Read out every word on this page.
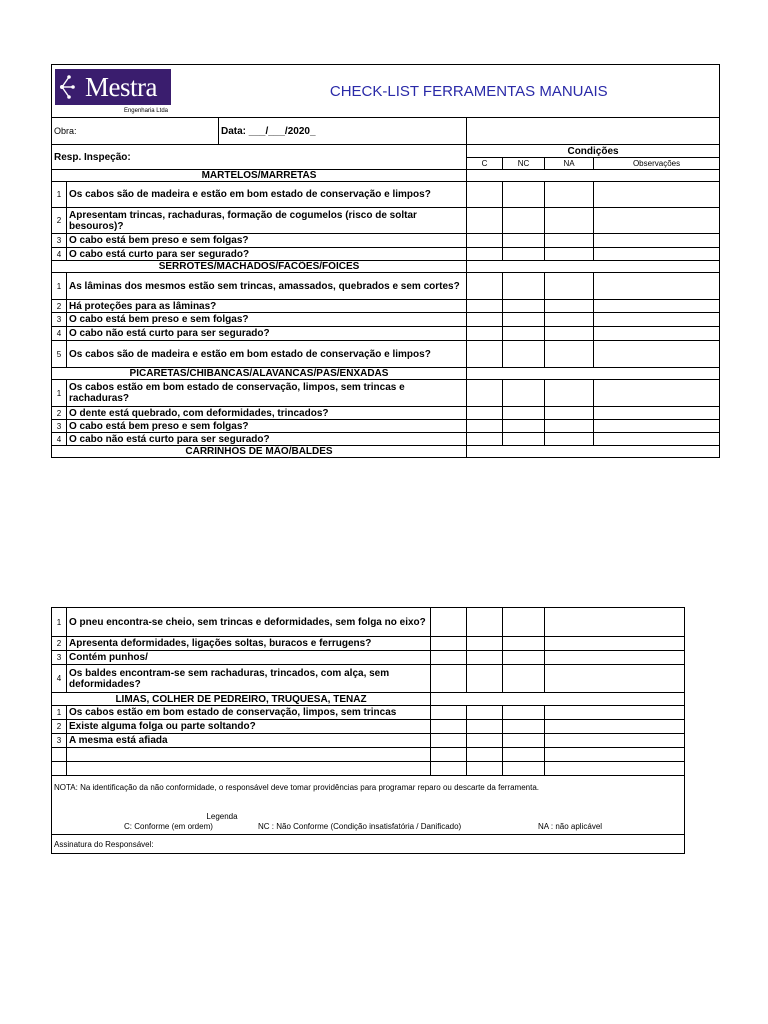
Mestra
Engenharia Ltda		CHECK-LIST FERRAMENTAS MANUAIS				
Obra:		Data: ___/___/2020_				
Resp. Inspeção:			Condições			
			C	NC	NA	Observações
MARTELOS/MARRETAS						
1	Os cabos são de madeira e estão em bom estado de conservação e limpos?					
2	Apresentam trincas, rachaduras, formação de cogumelos (risco de soltar besouros)?					
3	O cabo está bem preso e sem folgas?					
4	O cabo está curto para ser segurado?					
SERROTES/MACHADOS/FACÕES/FOICES						
1	As lâminas dos mesmos estão sem trincas, amassados, quebrados e sem cortes?					
2	Há proteções para as lâminas?					
3	O cabo está bem preso e sem folgas?					
4	O cabo não está curto para ser segurado?					
5	Os cabos são de madeira e estão em bom estado de conservação e limpos?					
PICARETAS/CHIBANCAS/ALAVANCAS/PÁS/ENXADAS						
1	Os cabos estão em bom estado de conservação, limpos, sem trincas e rachaduras?					
2	O dente está quebrado, com deformidades, trincados?					
3	O cabo está bem preso e sem folgas?					
4	O cabo não está curto para ser segurado?					
CARRINHOS DE MÃO/BALDES						
1	O pneu encontra-se cheio, sem trincas e deformidades, sem folga no eixo?				
2	Apresenta deformidades, ligações soltas, buracos e ferrugens?				
3	Contém punhos/				
4	Os baldes encontram-se sem rachaduras, trincados, com alça, sem deformidades?				
LIMAS, COLHER DE PEDREIRO, TRUQUESA, TENAZ					
1	Os cabos estão em bom estado de conservação, limpos, sem trincas				
2	Existe alguma folga ou parte soltando?				
3	A mesma está afiada				

NOTA: Na identificação da não conformidade, o responsável deve tomar providências para programar reparo ou descarte da ferramenta.					

Legenda
C: Conforme (em ordem) NC : Não Conforme (Condição insatisfatória / Danificado) NA : não aplicável					

Assinatura do Responsável:					
